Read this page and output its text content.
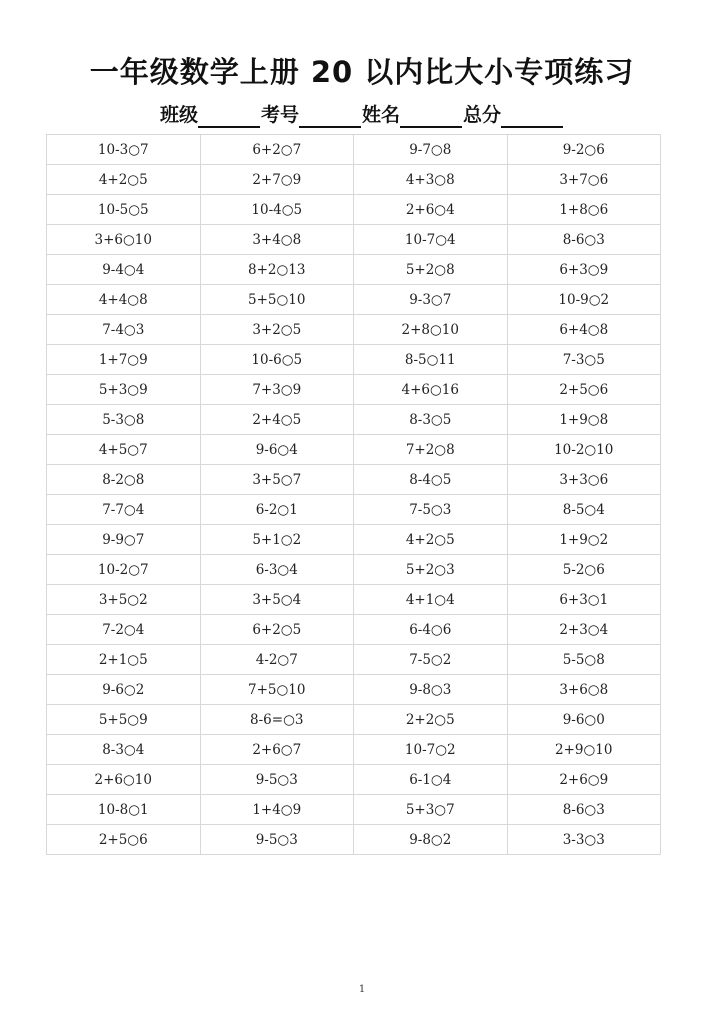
一年级数学上册 20 以内比大小专项练习
班级	考号	姓名	总分
10-3○7	6+2○7	9-7○8	9-2○6
4+2○5	2+7○9	4+3○8	3+7○6
10-5○5	10-4○5	2+6○4	1+8○6
3+6○10	3+4○8	10-7○4	8-6○3
9-4○4	8+2○13	5+2○8	6+3○9
4+4○8	5+5○10	9-3○7	10-9○2
7-4○3	3+2○5	2+8○10	6+4○8
1+7○9	10-6○5	8-5○11	7-3○5
5+3○9	7+3○9	4+6○16	2+5○6
5-3○8	2+4○5	8-3○5	1+9○8
4+5○7	9-6○4	7+2○8	10-2○10
8-2○8	3+5○7	8-4○5	3+3○6
7-7○4	6-2○1	7-5○3	8-5○4
9-9○7	5+1○2	4+2○5	1+9○2
10-2○7	6-3○4	5+2○3	5-2○6
3+5○2	3+5○4	4+1○4	6+3○1
7-2○4	6+2○5	6-4○6	2+3○4
2+1○5	4-2○7	7-5○2	5-5○8
9-6○2	7+5○10	9-8○3	3+6○8
5+5○9	8-6=○3	2+2○5	9-6○0
8-3○4	2+6○7	10-7○2	2+9○10
2+6○10	9-5○3	6-1○4	2+6○9
10-8○1	1+4○9	5+3○7	8-6○3
2+5○6	9-5○3	9-8○2	3-3○3
1
